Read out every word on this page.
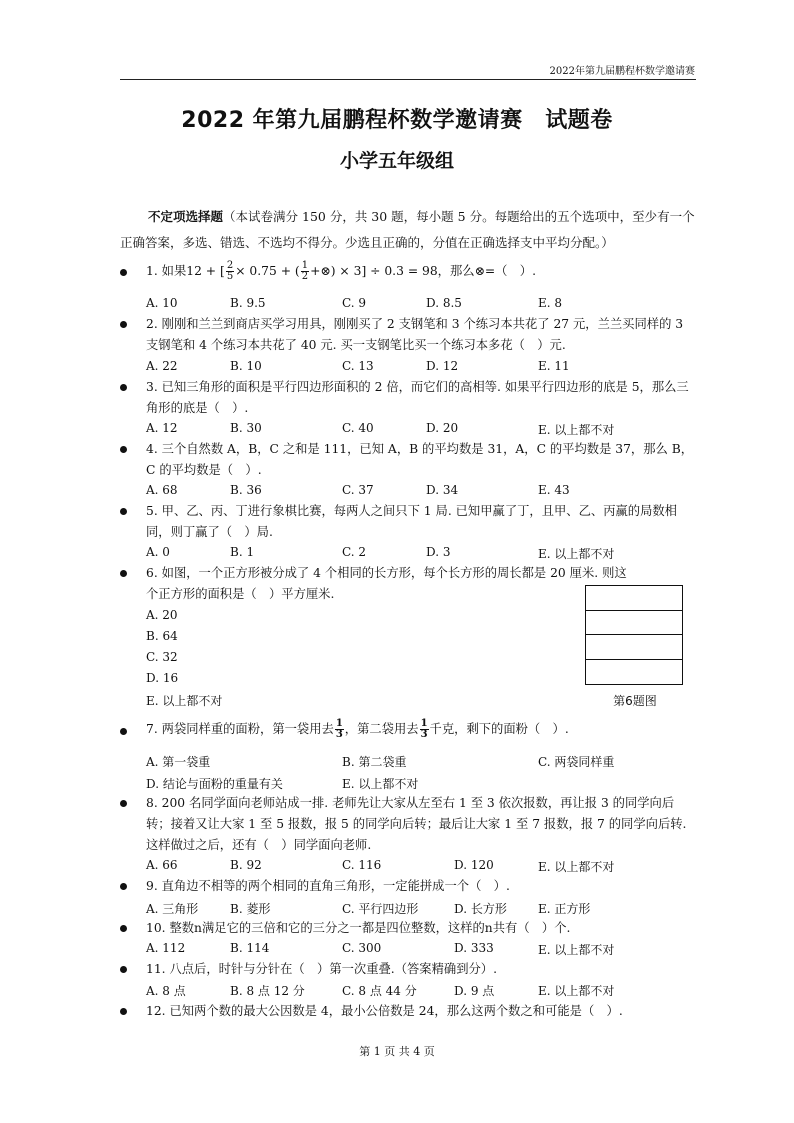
2022年第九届鹏程杯数学邀请赛
2022 年第九届鹏程杯数学邀请赛　试题卷
小学五年级组
不定项选择题（本试卷满分 150 分，共 30 题，每小题 5 分。每题给出的五个选项中，至少有一个正确答案，多选、错选、不选均不得分。少选且正确的，分值在正确选择支中平均分配。）
1. 如果12 + [ $\frac{2}{5} \times 0.75$ + ( $\frac{1}{2}$ +⊗) × 3] ÷ 0.3 = 98，那么⊗=（　）.
A. 10	B. 9.5	C. 9	D. 8.5	E. 8
2. 刚刚和兰兰到商店买学习用具，刚刚买了 2 支钢笔和 3 个练习本共花了 27 元，兰兰买同样的 3 支钢笔和 4 个练习本共花了 40 元. 买一支钢笔比买一个练习本多花（　）元.
A. 22	B. 10	C. 13	D. 12	E. 11
3. 已知三角形的面积是平行四边形面积的 2 倍，而它们的高相等. 如果平行四边形的底是 5，那么三角形的底是（　）.
A. 12	B. 30	C. 40	D. 20	E. 以上都不对
4. 三个自然数 A，B，C 之和是 111，已知 A，B 的平均数是 31，A，C 的平均数是 37，那么 B，C 的平均数是（　）.
A. 68	B. 36	C. 37	D. 34	E. 43
5. 甲、乙、丙、丁进行象棋比赛，每两人之间只下 1 局. 已知甲赢了丁，且甲、乙、丙赢的局数相同，则丁赢了（　）局.
A. 0	B. 1	C. 2	D. 3	E. 以上都不对
6. 如图，一个正方形被分成了 4 个相同的长方形，每个长方形的周长都是 20 厘米. 则这
个正方形的面积是（　）平方厘米.
A. 20
B. 64
C. 32
D. 16
E. 以上都不对	第6题图
7. 两袋同样重的面粉，第一袋用去 $\frac{1}{3}$ ，第二袋用去 $\frac{1}{3}$ 千克，剩下的面粉（　）.
A. 第一袋重	B. 第二袋重	C. 两袋同样重
D. 结论与面粉的重量有关	E. 以上都不对
8. 200 名同学面向老师站成一排. 老师先让大家从左至右 1 至 3 依次报数，再让报 3 的同学向后转；接着又让大家 1 至 5 报数，报 5 的同学向后转；最后让大家 1 至 7 报数，报 7 的同学向后转. 这样做过之后，还有（　）同学面向老师.
A. 66	B. 92	C. 116	D. 120	E. 以上都不对
9. 直角边不相等的两个相同的直角三角形，一定能拼成一个（　）.
A. 三角形	B. 菱形	C. 平行四边形	D. 长方形	E. 正方形
10. 整数n满足它的三倍和它的三分之一都是四位整数，这样的n共有（　）个.
A. 112	B. 114	C. 300	D. 333	E. 以上都不对
11. 八点后，时针与分针在（　）第一次重叠.（答案精确到分）.
A. 8 点	B. 8 点 12 分	C. 8 点 44 分	D. 9 点	E. 以上都不对
12. 已知两个数的最大公因数是 4，最小公倍数是 24，那么这两个数之和可能是（　）.
第 1 页 共 4 页
